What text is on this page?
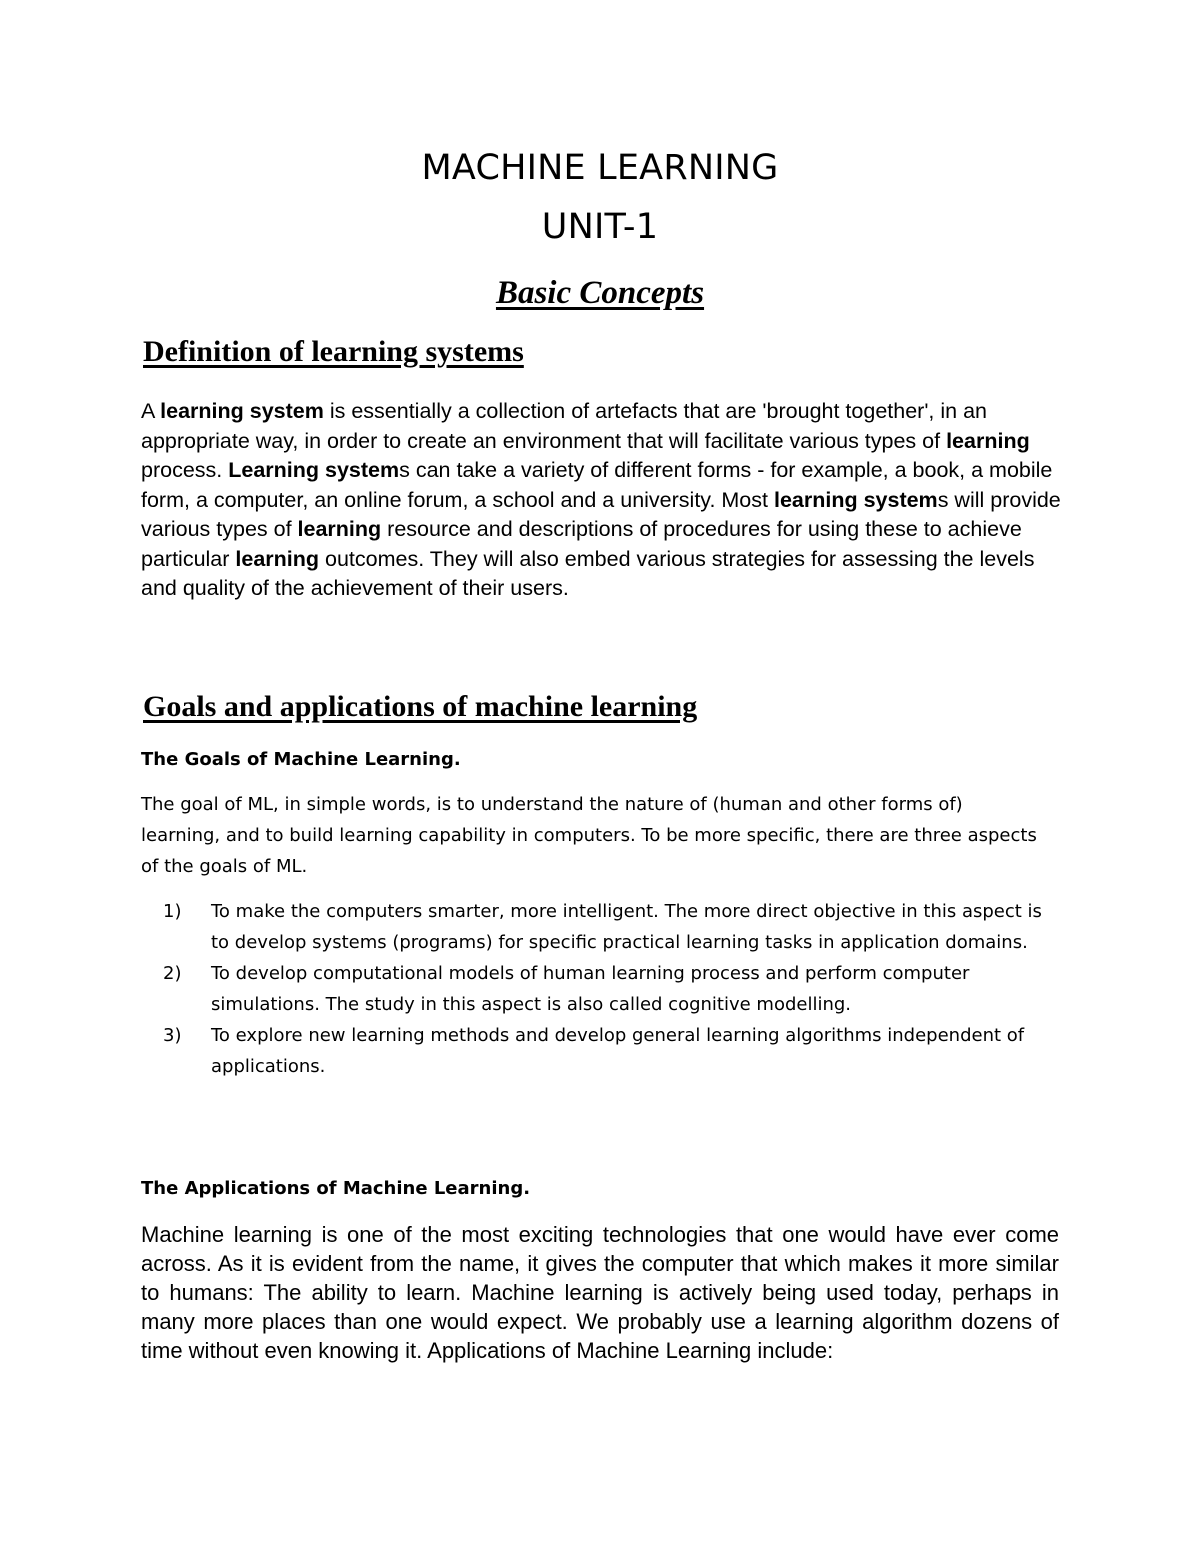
MACHINE LEARNING
UNIT-1
Basic Concepts
Definition of learning systems

A learning system is essentially a collection of artefacts that are 'brought together', in an appropriate way, in order to create an environment that will facilitate various types of learning process. Learning systems can take a variety of different forms - for example, a book, a mobile form, a computer, an online forum, a school and a university. Most learning systems will provide various types of learning resource and descriptions of procedures for using these to achieve particular learning outcomes. They will also embed various strategies for assessing the levels and quality of the achievement of their users.

Goals and applications of machine learning

The Goals of Machine Learning.

The goal of ML, in simple words, is to understand the nature of (human and other forms of) learning, and to build learning capability in computers. To be more specific, there are three aspects of the goals of ML.

1)	To make the computers smarter, more intelligent. The more direct objective in this aspect is to develop systems (programs) for specific practical learning tasks in application domains.
2)	To develop computational models of human learning process and perform computer simulations. The study in this aspect is also called cognitive modelling.
3)	To explore new learning methods and develop general learning algorithms independent of applications.

The Applications of Machine Learning.

Machine learning is one of the most exciting technologies that one would have ever come across. As it is evident from the name, it gives the computer that which makes it more similar to humans: The ability to learn. Machine learning is actively being used today, perhaps in many more places than one would expect. We probably use a learning algorithm dozens of time without even knowing it. Applications of Machine Learning include:
